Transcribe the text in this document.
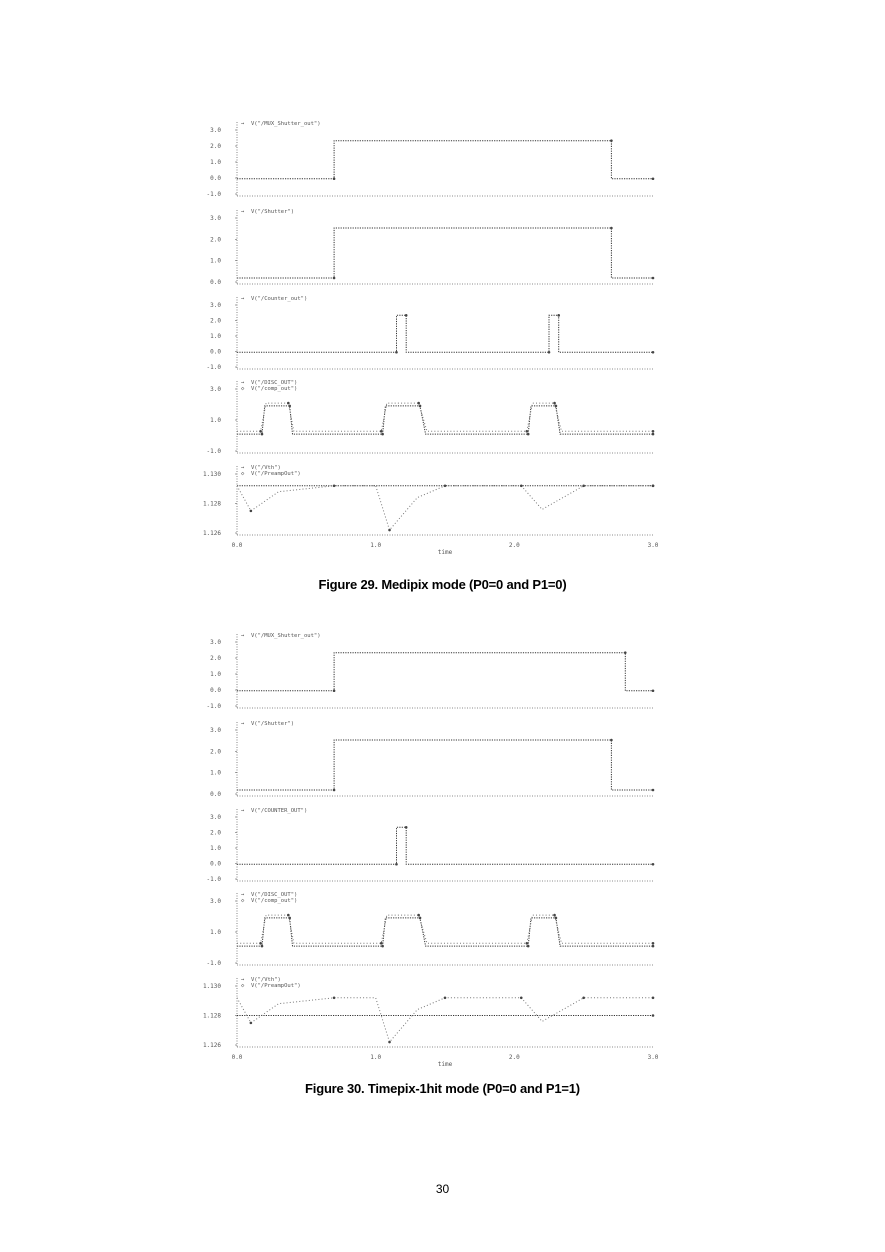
3.0
2.0
1.0
0.0
-1.0
→ V("/MUX_Shutter_out")
3.0
2.0
1.0
0.0
→ V("/Shutter")
3.0
2.0
1.0
0.0
-1.0
→ V("/Counter_out")
3.0
1.0
-1.0
→ V("/DISC_OUT")
◇ V("/comp_out")
1.130
1.128
1.126
→ V("/Vth")
◇ V("/PreampOut")
0.0	1.0	2.0	3.0
time
Figure 29. Medipix mode (P0=0 and P1=0)
3.0
2.0
1.0
0.0
-1.0
→ V("/MUX_Shutter_out")
3.0
2.0
1.0
0.0
→ V("/Shutter")
3.0
2.0
1.0
0.0
-1.0
→ V("/COUNTER_OUT")
3.0
1.0
-1.0
→ V("/DISC_OUT")
◇ V("/comp_out")
1.130
1.128
1.126
→ V("/Vth")
◇ V("/PreampOut")
0.0	1.0	2.0	3.0
time
Figure 30. Timepix-1hit mode (P0=0 and P1=1)
30
